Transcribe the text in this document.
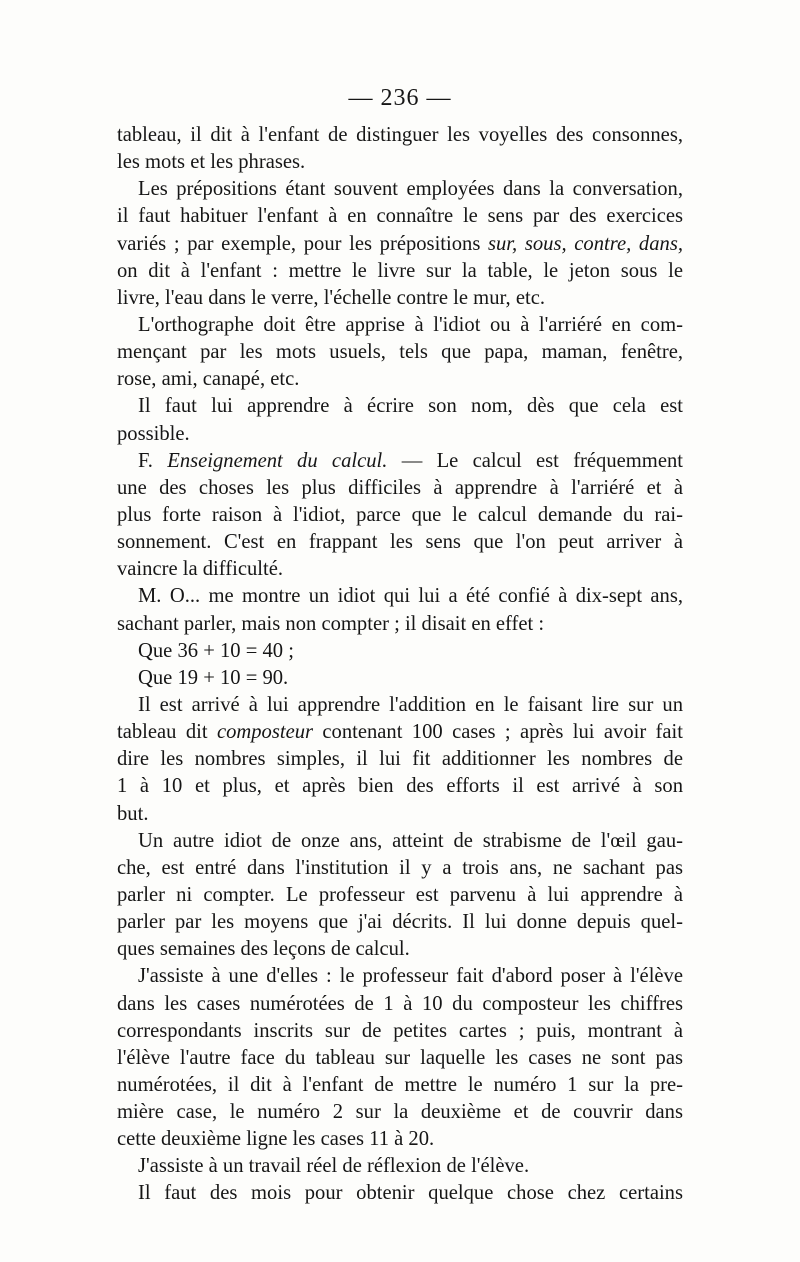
— 236 —
tableau, il dit à l'enfant de distinguer les voyelles des consonnes,
les mots et les phrases.
Les prépositions étant souvent employées dans la conversation,
il faut habituer l'enfant à en connaître le sens par des exercices
variés ; par exemple, pour les prépositions sur, sous, contre, dans,
on dit à l'enfant : mettre le livre sur la table, le jeton sous le
livre, l'eau dans le verre, l'échelle contre le mur, etc.
L'orthographe doit être apprise à l'idiot ou à l'arriéré en com-
mençant par les mots usuels, tels que papa, maman, fenêtre,
rose, ami, canapé, etc.
Il faut lui apprendre à écrire son nom, dès que cela est
possible.
F. Enseignement du calcul. — Le calcul est fréquemment
une des choses les plus difficiles à apprendre à l'arriéré et à
plus forte raison à l'idiot, parce que le calcul demande du rai-
sonnement. C'est en frappant les sens que l'on peut arriver à
vaincre la difficulté.
M. O... me montre un idiot qui lui a été confié à dix-sept ans,
sachant parler, mais non compter ; il disait en effet :
Que 36 + 10 = 40 ;
Que 19 + 10 = 90.
Il est arrivé à lui apprendre l'addition en le faisant lire sur un
tableau dit composteur contenant 100 cases ; après lui avoir fait
dire les nombres simples, il lui fit additionner les nombres de
1 à 10 et plus, et après bien des efforts il est arrivé à son
but.
Un autre idiot de onze ans, atteint de strabisme de l'œil gau-
che, est entré dans l'institution il y a trois ans, ne sachant pas
parler ni compter. Le professeur est parvenu à lui apprendre à
parler par les moyens que j'ai décrits. Il lui donne depuis quel-
ques semaines des leçons de calcul.
J'assiste à une d'elles : le professeur fait d'abord poser à l'élève
dans les cases numérotées de 1 à 10 du composteur les chiffres
correspondants inscrits sur de petites cartes ; puis, montrant à
l'élève l'autre face du tableau sur laquelle les cases ne sont pas
numérotées, il dit à l'enfant de mettre le numéro 1 sur la pre-
mière case, le numéro 2 sur la deuxième et de couvrir dans
cette deuxième ligne les cases 11 à 20.
J'assiste à un travail réel de réflexion de l'élève.
Il faut des mois pour obtenir quelque chose chez certains
